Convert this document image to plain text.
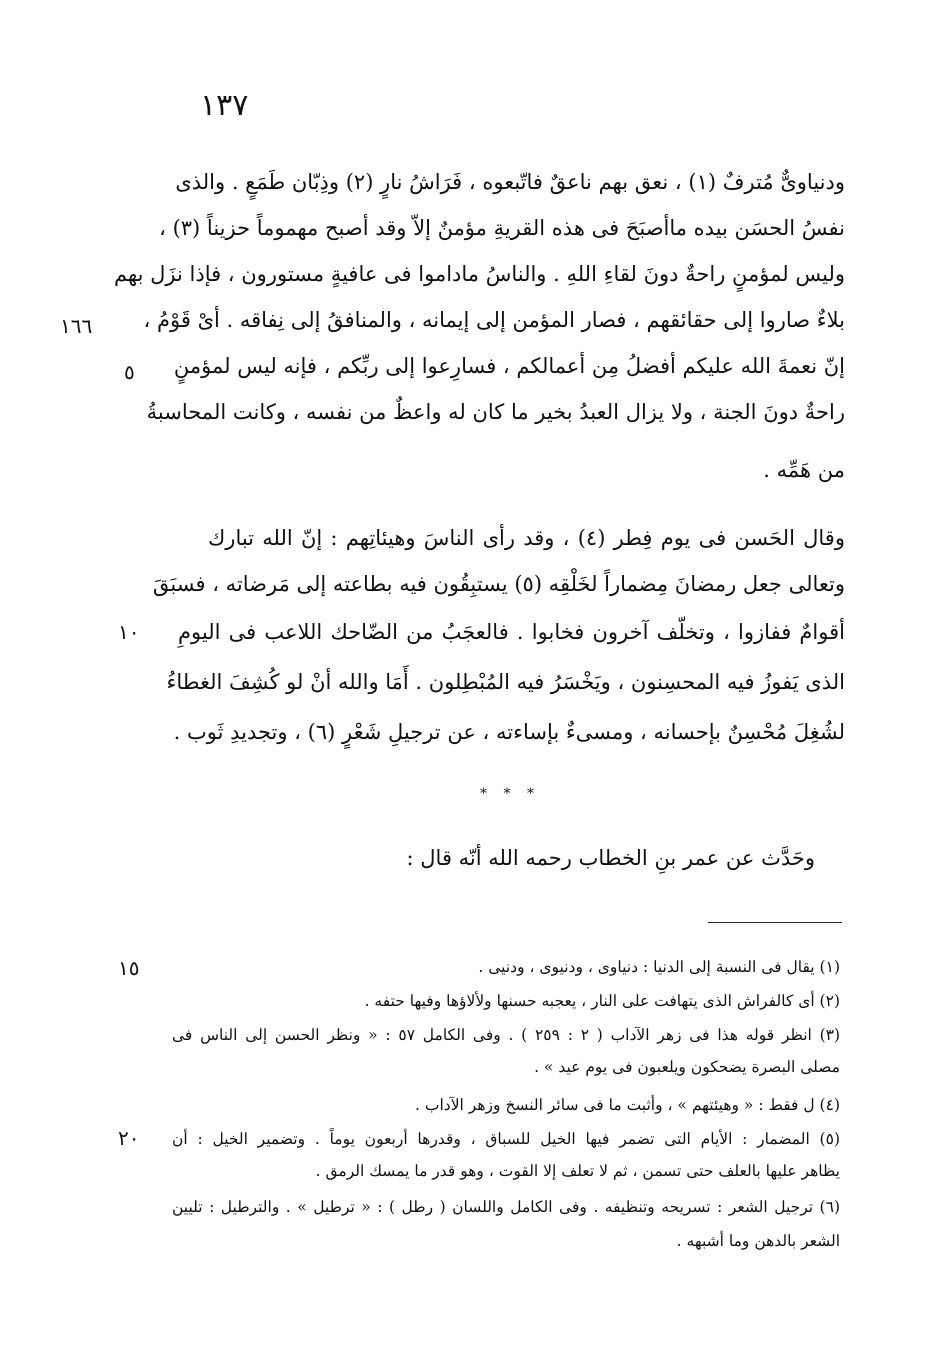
١٣٧
١٦٦
٥
١٠
١٥
٢٠
ودنياوىٌّ مُترفٌ (١) ، نعق بهم ناعقٌ فاتّبعوه ، فَرَاشُ نارٍ (٢) وذِبّان طَمَعٍ . والذى
نفسُ الحسَن بيده ماأصبَحَ فى هذه القريةِ مؤمنٌ إلاّ وقد أصبح مهموماً حزيناً (٣) ،
وليس لمؤمنٍ راحةٌ دونَ لقاءِ اللهِ . والناسُ ماداموا فى عافيةٍ مستورون ، فإذا نزَل بهم
بلاءٌ صاروا إلى حقائقهم ، فصار المؤمن إلى إيمانه ، والمنافقُ إلى نِفاقه . أىْ قَوْمُ ،
إنّ نعمةَ الله عليكم أفضلُ مِن أعمالكم ، فسارِعوا إلى ربِّكم ، فإنه ليس لمؤمنٍ
راحةٌ دونَ الجنة ، ولا يزال العبدُ بخير ما كان له واعظٌ من نفسه ، وكانت المحاسبةُ
من هَمِّه .
وقال الحَسن فى يوم فِطر (٤) ، وقد رأى الناسَ وهيئاتِهم : إنّ الله تبارك
وتعالى جعل رمضانَ مِضماراً لخَلْقِه (٥) يستبِقُون فيه بطاعته إلى مَرضاته ، فسبَقَ
أقوامٌ ففازوا ، وتخلّف آخرون فخابوا . فالعجَبُ من الضّاحك اللاعب فى اليومِ
الذى يَفوزُ فيه المحسِنون ، ويَخْسَرُ فيه المُبْطِلون . أَمَا والله أنْ لو كُشِفَ الغطاءُ
لشُغِلَ مُحْسِنٌ بإحسانه ، ومسىءٌ بإساءته ، عن ترجيلِ شَعْرٍ (٦) ، وتجديدِ ثَوب .
* * *
وحَدَّث عن عمر بنِ الخطاب رحمه الله أنّه قال :
(١) يقال فى النسبة إلى الدنيا : دنياوى ، ودنيوى ، ودنيى .
(٢) أى كالفراش الذى يتهافت على النار ، يعجبه حسنها ولألاؤها وفيها حتفه .
(٣) انظر قوله هذا فى زهر الآداب ( ٢ : ٢٥٩ ) . وفى الكامل ٥٧ : « ونظر الحسن إلى الناس فى
مصلى البصرة يضحكون ويلعبون فى يوم عيد » .
(٤) ل فقط : « وهيئتهم » ، وأثبت ما فى سائر النسخ وزهر الآداب .
(٥) المضمار : الأيام التى تضمر فيها الخيل للسباق ، وقدرها أربعون يوماً . وتضمير الخيل : أن
يظاهر عليها بالعلف حتى تسمن ، ثم لا تعلف إلا القوت ، وهو قدر ما يمسك الرمق .
(٦) ترجيل الشعر : تسريحه وتنظيفه . وفى الكامل واللسان ( رطل ) : « ترطيل » . والترطيل : تليين
الشعر بالدهن وما أشبهه .
